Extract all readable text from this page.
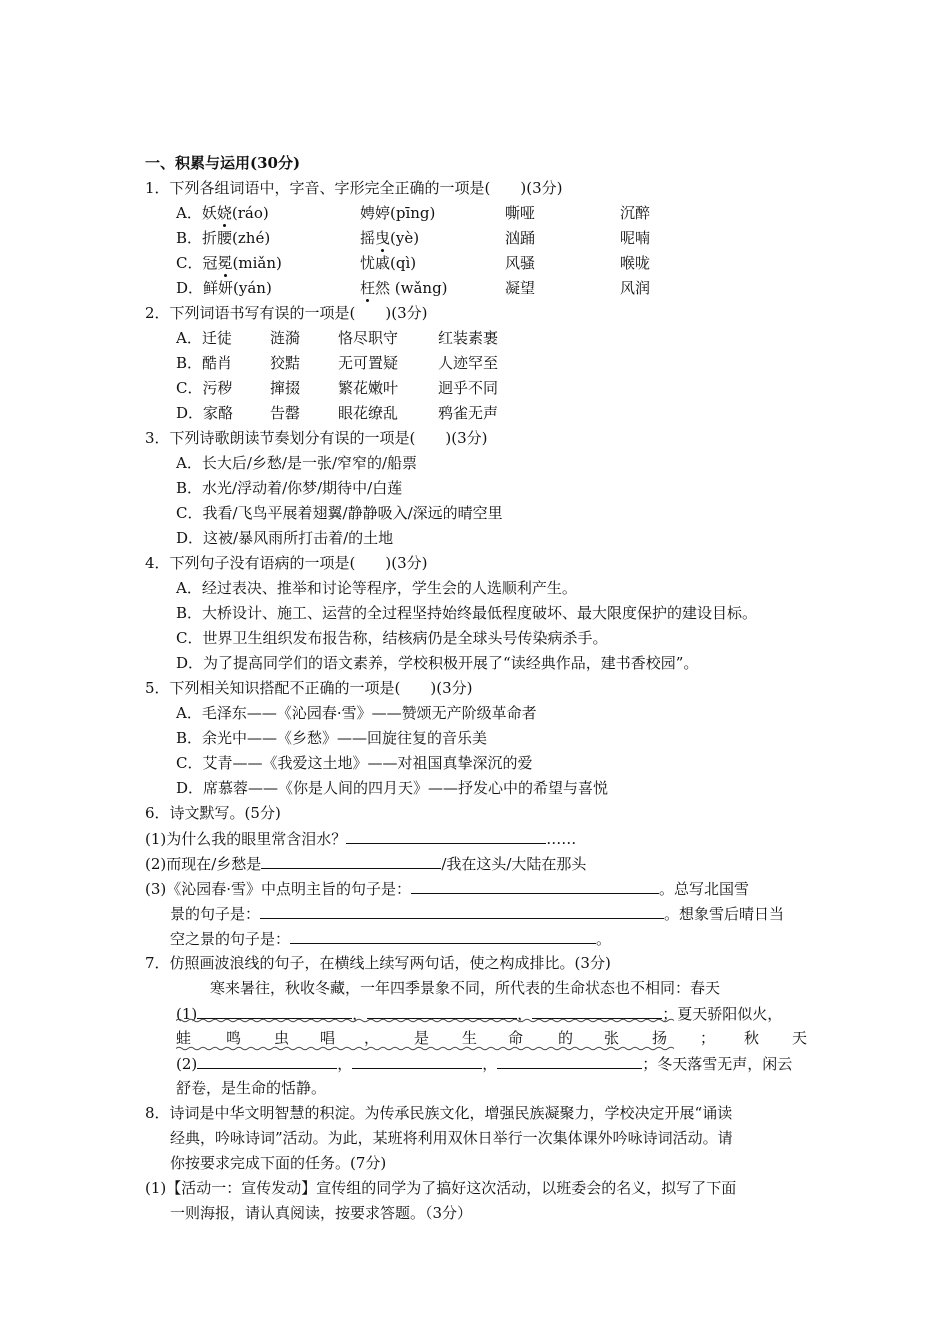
一、积累与运用(30分)
1．下列各组词语中，字音、字形完全正确的一项是(　　)(3分)
A．妖娆(ráo)	娉婷(pīng)	嘶哑	沉醉
B．折腰(zhé)	摇曳(yè)	汹踊	呢喃
C．冠冕(miǎn)	忧戚(qì)	风骚	喉咙
D．鲜妍(yán)	枉然 (wǎng)	凝望	风润
2．下列词语书写有误的一项是(　　)(3分)
A．迁徒	涟漪	恪尽职守	红装素裹
B．酷肖	狡黠	无可置疑	人迹罕至
C．污秽	撺掇	繁花嫩叶	迥乎不同
D．家酪 告罄	眼花缭乱	鸦雀无声
3．下列诗歌朗读节奏划分有误的一项是(　　)(3分)
A．长大后/乡愁/是一张/窄窄的/船票
B．水光/浮动着/你梦/期待中/白莲
C．我看/飞鸟平展着翅翼/静静吸入/深远的晴空里
D．这被/暴风雨所打击着/的土地
4．下列句子没有语病的一项是(　　)(3分)
A．经过表决、推举和讨论等程序，学生会的人选顺利产生。
B．大桥设计、施工、运营的全过程坚持始终最低程度破坏、最大限度保护的建设目标。
C．世界卫生组织发布报告称，结核病仍是全球头号传染病杀手。
D．为了提高同学们的语文素养，学校积极开展了“读经典作品，建书香校园”。
5．下列相关知识搭配不正确的一项是(　　)(3分)
A．毛泽东——《沁园春·雪》——赞颂无产阶级革命者
B．余光中——《乡愁》——回旋往复的音乐美
C．艾青——《我爱这土地》——对祖国真挚深沉的爱
D．席慕蓉——《你是人间的四月天》——抒发心中的希望与喜悦
6．诗文默写。(5分)
(1)为什么我的眼里常含泪水？	……
(2)而现在/乡愁是	/我在这头/大陆在那头
(3)《沁园春·雪》中点明主旨的句子是：	。总写北国雪
景的句子是：	。想象雪后晴日当
空之景的句子是：	。
7．仿照画波浪线的句子，在横线上续写两句话，使之构成排比。(3分)
寒来暑往，秋收冬藏，一年四季景象不同，所代表的生命状态也不相同：春天
(1)	，	，	；夏天骄阳似火，
蛙 鸣 虫 唱 ， 是 生 命 的 张 扬 ； 秋 天
(2)	，	，	；冬天落雪无声，闲云
舒卷，是生命的恬静。
8．诗词是中华文明智慧的积淀。为传承民族文化，增强民族凝聚力，学校决定开展“诵读
经典，吟咏诗词”活动。为此，某班将利用双休日举行一次集体课外吟咏诗词活动。请
你按要求完成下面的任务。(7分)
(1)【活动一：宣传发动】宣传组的同学为了搞好这次活动，以班委会的名义，拟写了下面
一则海报，请认真阅读，按要求答题。（3分）
